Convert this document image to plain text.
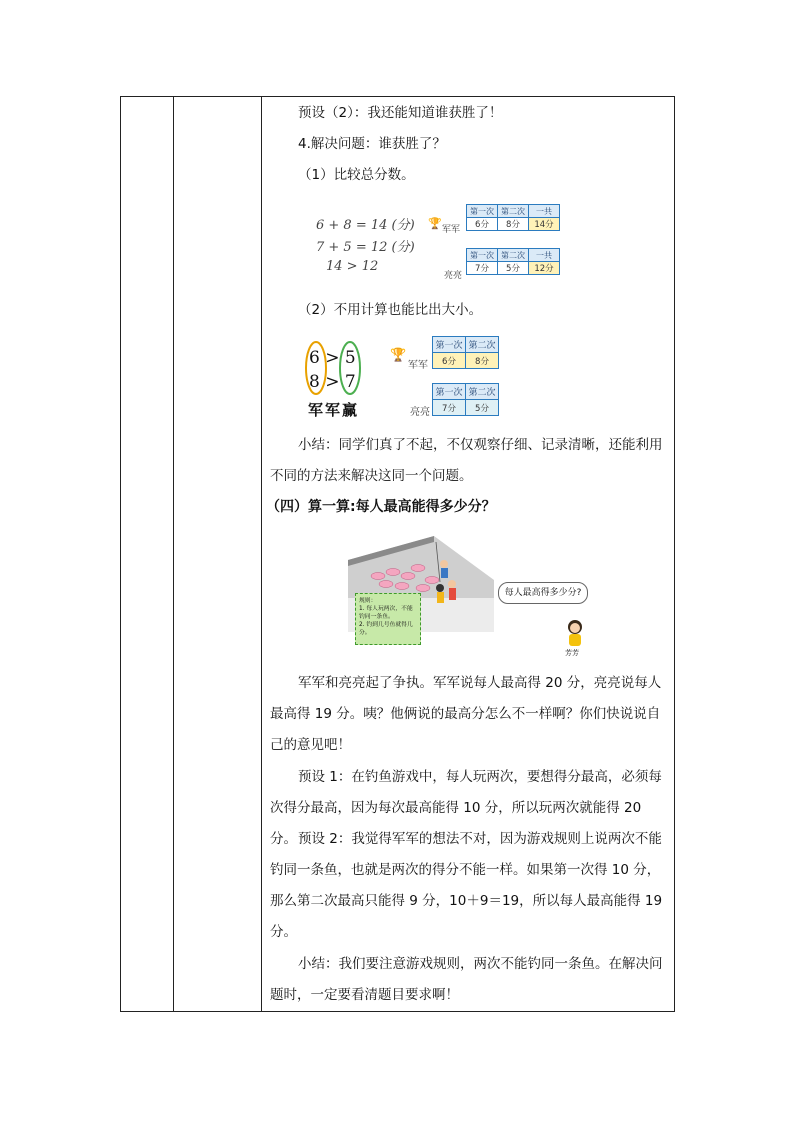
预设（2）：我还能知道谁获胜了！
4.解决问题：谁获胜了？
（1）比较总分数。
6 + 8 = 14 (分)
7 + 5 = 12 (分)
14 > 12
🏆 军军
第一次	第二次	一共
6分	8分	14分
亮亮
第一次	第二次	一共
7分	5分	12分
（2）不用计算也能比出大小。
6 > 5
8 > 7
军军赢
🏆
军军
第一次	第二次
6分	8分
亮亮
第一次	第二次
7分	5分
小结：同学们真了不起，不仅观察仔细、记录清晰，还能利用不同的方法来解决这同一个问题。
（四）算一算:每人最高能得多少分？
规则：
1. 每人玩两次，不能钓同一条鱼。
2. 钓到几号鱼就得几分。
每人最高得多少分?
芳芳
军军和亮亮起了争执。军军说每人最高得 20 分，亮亮说每人最高得 19 分。咦？他俩说的最高分怎么不一样啊？你们快说说自己的意见吧！
预设 1：在钓鱼游戏中，每人玩两次，要想得分最高，必须每次得分最高，因为每次最高能得 10 分，所以玩两次就能得 20 分。 预设 2：我觉得军军的想法不对，因为游戏规则上说两次不能钓同一条鱼，也就是两次的得分不能一样。如果第一次得 10 分，那么第二次最高只能得 9 分，10＋9＝19，所以每人最高能得 19 分。
小结：我们要注意游戏规则，两次不能钓同一条鱼。在解决问题时，一定要看清题目要求啊！
